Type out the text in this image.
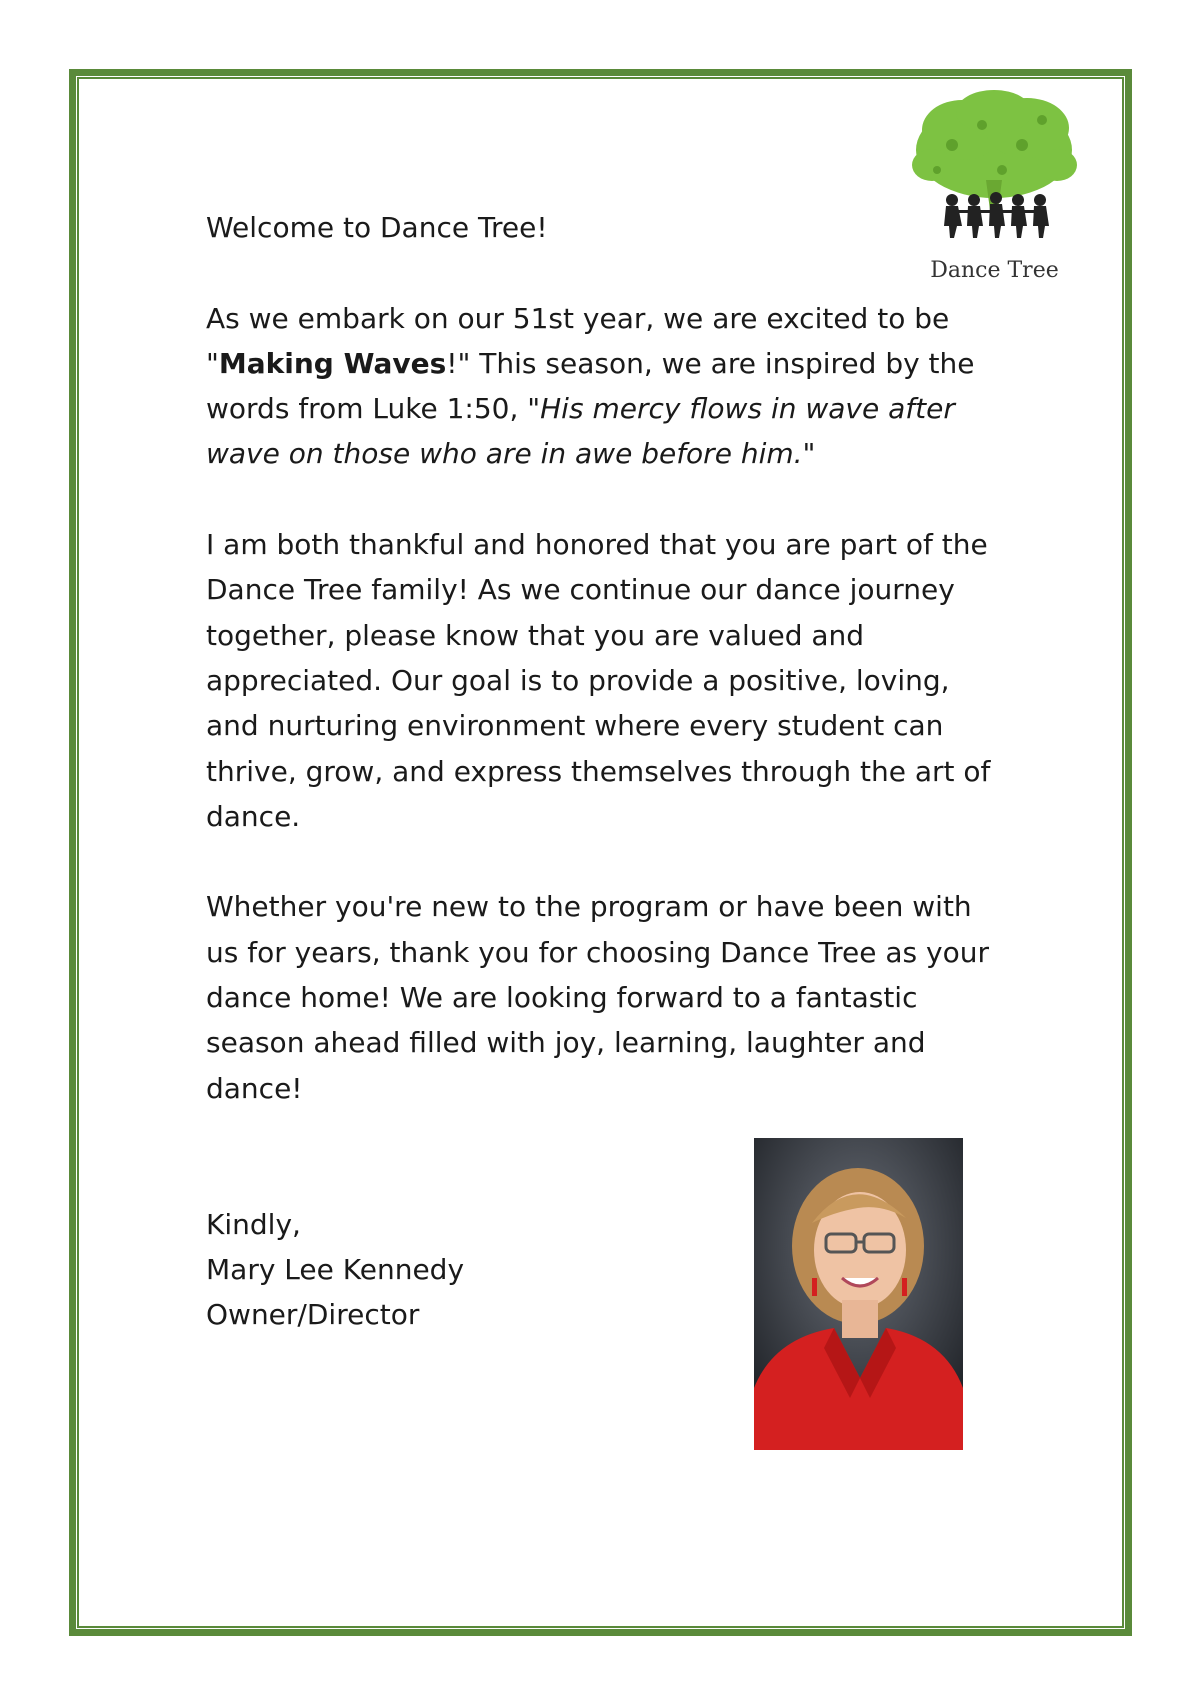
Dance Tree

Welcome to Dance Tree!

As we embark on our 51st year, we are excited to be
"Making Waves!" This season, we are inspired by the words from Luke 1:50, "His mercy flows in wave after wave on those who are in awe before him."

I am both thankful and honored that you are part of the Dance Tree family! As we continue our dance journey together, please know that you are valued and appreciated. Our goal is to provide a positive, loving, and nurturing environment where every student can thrive, grow, and express themselves through the art of dance.

Whether you're new to the program or have been with us for years, thank you for choosing Dance Tree as your dance home! We are looking forward to a fantastic season ahead filled with joy, learning, laughter and dance!

Kindly,

Mary Lee Kennedy

Owner/Director
